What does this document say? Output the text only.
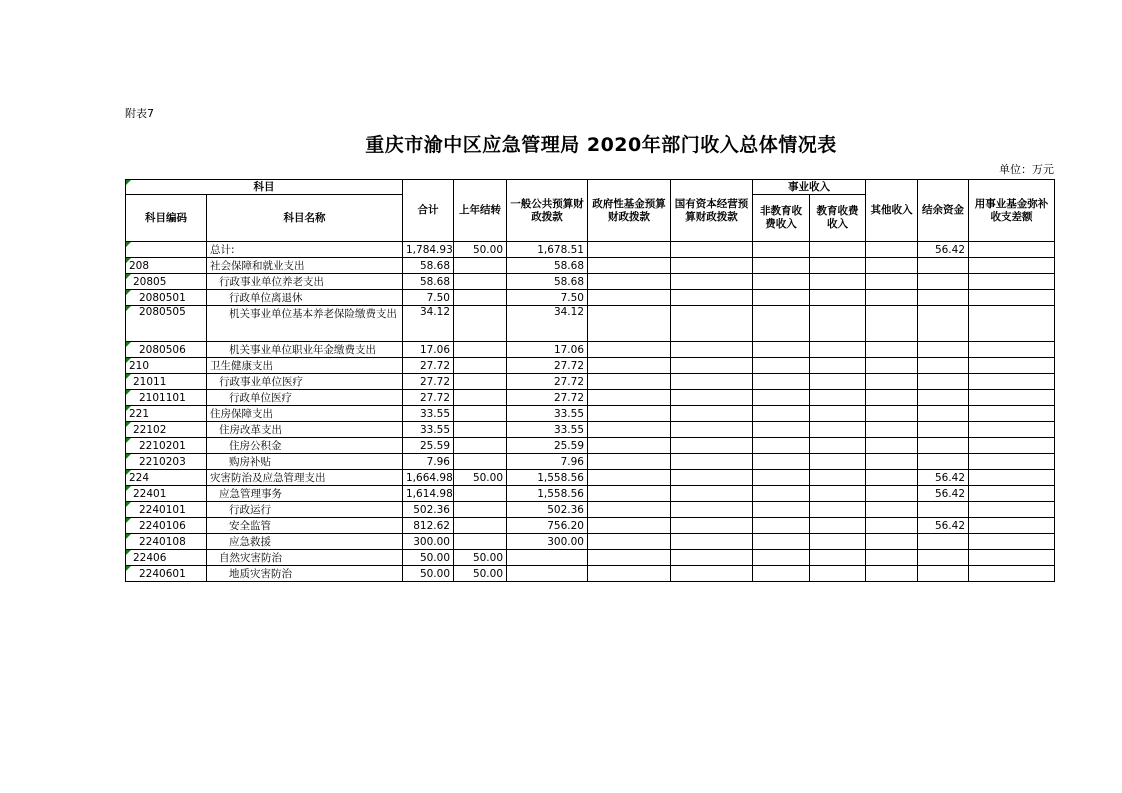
附表7
重庆市渝中区应急管理局 2020年部门收入总体情况表
单位：万元
科目		合计	上年结转	一般公共预算财政拨款	政府性基金预算财政拨款	国有资本经营预算财政拨款	事业收入		其他收入	结余资金	用事业基金弥补收支差额
科目编码	科目名称						非教育收费收入	教育收费收入			
	总计:	1,784.93	50.00	1,678.51						56.42	
208	社会保障和就业支出	58.68		58.68							
20805	行政事业单位养老支出	58.68		58.68							
2080501	行政单位离退休	7.50		7.50							
2080505	机关事业单位基本养老保险缴费支出	34.12		34.12							
2080506	机关事业单位职业年金缴费支出	17.06		17.06							
210	卫生健康支出	27.72		27.72							
21011	行政事业单位医疗	27.72		27.72							
2101101	行政单位医疗	27.72		27.72							
221	住房保障支出	33.55		33.55							
22102	住房改革支出	33.55		33.55							
2210201	住房公积金	25.59		25.59							
2210203	购房补贴	7.96		7.96							
224	灾害防治及应急管理支出	1,664.98	50.00	1,558.56						56.42	
22401	应急管理事务	1,614.98		1,558.56						56.42	
2240101	行政运行	502.36		502.36							
2240106	安全监管	812.62		756.20						56.42	
2240108	应急救援	300.00		300.00							
22406	自然灾害防治	50.00	50.00								
2240601	地质灾害防治	50.00	50.00								
